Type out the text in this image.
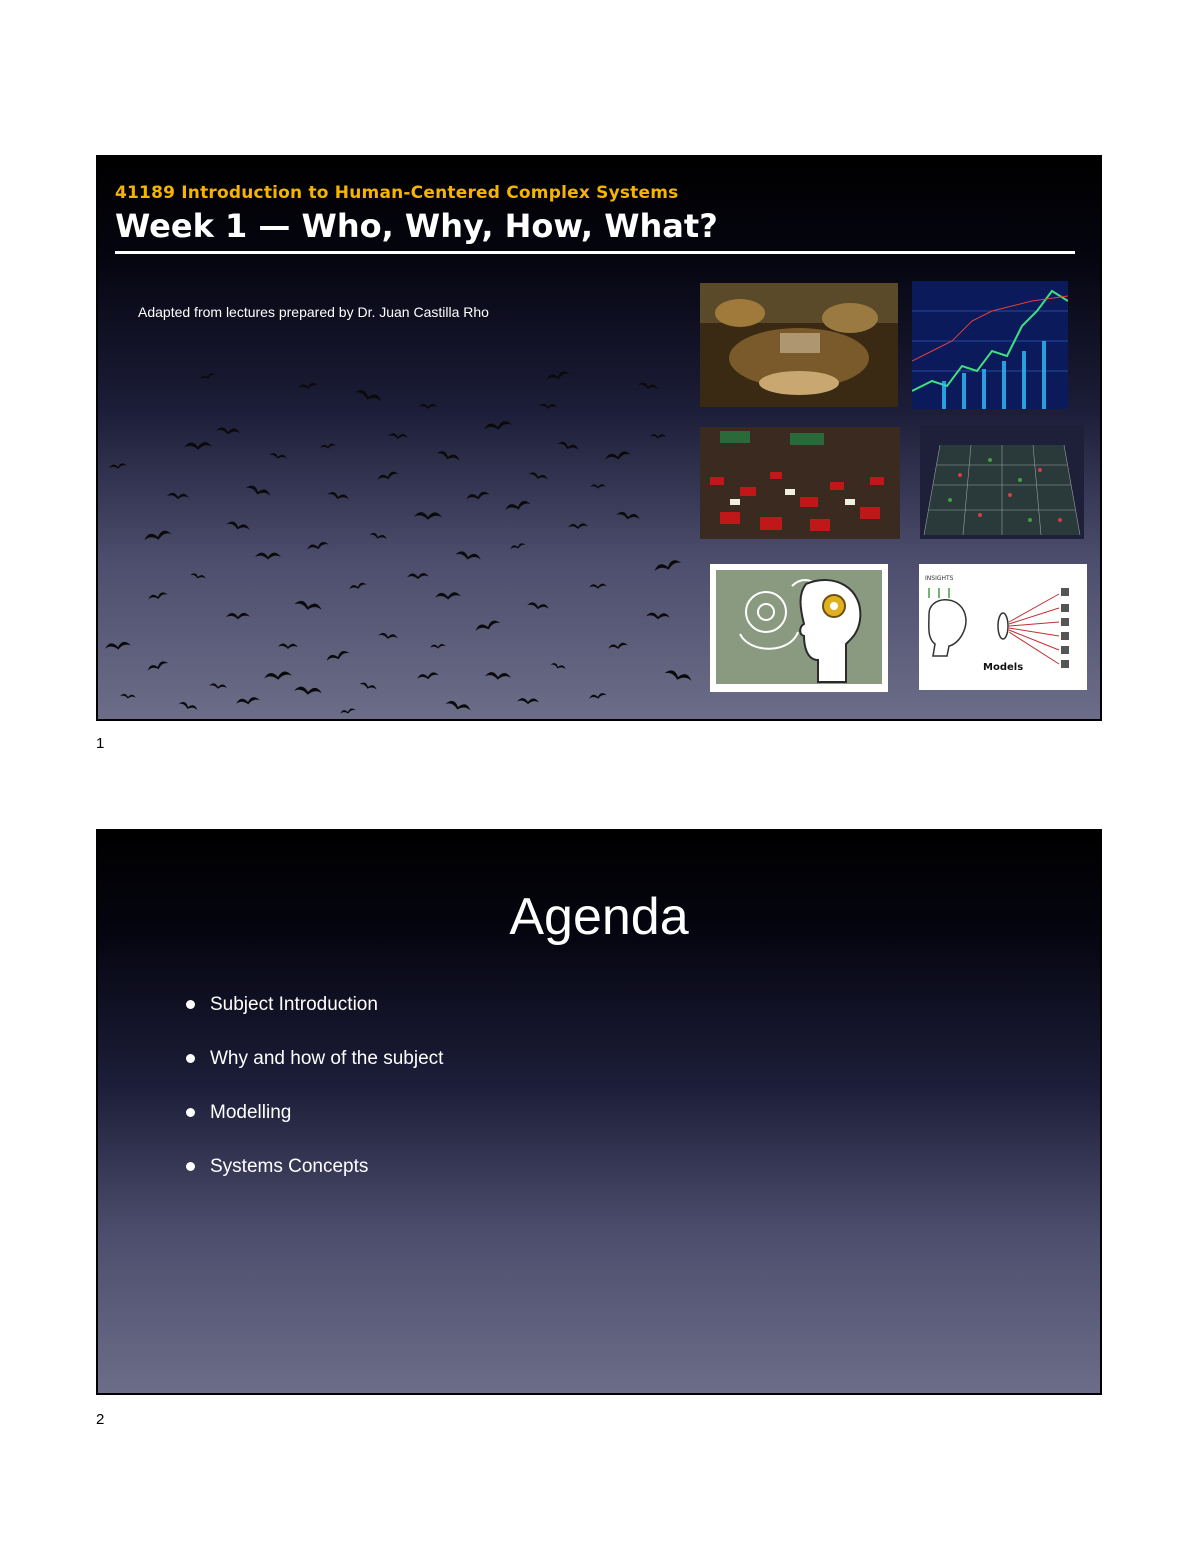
41189 Introduction to Human-Centered Complex Systems
Week 1 — Who, Why, How, What?
Adapted from lectures prepared by Dr. Juan Castilla Rho
INSIGHTS
Models
1
Agenda
Subject Introduction
Why and how of the subject
Modelling
Systems Concepts
2
